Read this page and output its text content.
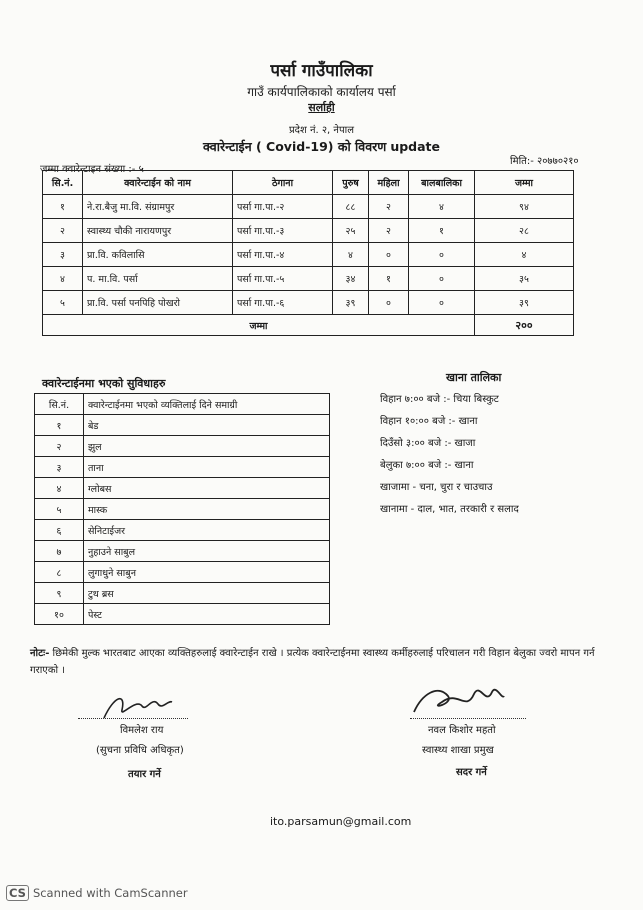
पर्सा गाउँपालिका
गाउँ कार्यपालिकाको कार्यालय पर्सा
सर्लाही
प्रदेश नं. २, नेपाल
क्वारेन्टाईन ( Covid-19) को विवरण update
जम्मा क्वारेन्टाइन संख्या :- ५
मिति:- २०७७०२१०
सि.नं.	क्वारेन्टाईन को नाम	ठेगाना	पुरुष	महिला	बालबालिका	जम्मा
१	ने.रा.बैजु मा.वि. संग्रामपुर	पर्सा गा.पा.-२	८८	२	४	९४
२	स्वास्थ्य चौकी नारायणपुर	पर्सा गा.पा.-३	२५	२	१	२८
३	प्रा.वि. कविलासि	पर्सा गा.पा.-४	४	०	०	४
४	प. मा.वि. पर्सा	पर्सा गा.पा.-५	३४	१	०	३५
५	प्रा.वि. पर्सा पनपिहि पोखरो	पर्सा गा.पा.-६	३९	०	०	३९
जम्मा						२००
क्वारेन्टाईनमा भएको सुविधाहरु
सि.नं.	क्वारेन्टाईनमा भएको व्यक्तिलाई दिने समाग्री
१	बेड
२	झुल
३	ताना
४	ग्लोबस
५	मास्क
६	सेनिटाईजर
७	नुहाउने साबुल
८	लुगाधुने साबुन
९	टुथ ब्रस
१०	पेस्ट
खाना तालिका
विहान ७:०० बजे :- चिया बिस्कुट
विहान १०:०० बजे :- खाना
दिउँसो ३:०० बजे :- खाजा
बेलुका ७:०० बजे :- खाना
खाजामा - चना, चुरा र चाउचाउ
खानामा - दाल, भात, तरकारी र सलाद
नोटः- छिमेकी मुल्क भारतबाट आएका व्यक्तिहरुलाई क्वारेन्टाईन राखे । प्रत्येक क्वारेन्टाईनमा स्वास्थ्य कर्मीहरुलाई परिचालन गरी विहान बेलुका ज्वरो मापन गर्न गराएको ।
विमलेश राय
(सुचना प्रविधि अधिकृत)
तयार गर्ने
नवल किशोर महतो
स्वास्थ्य शाखा प्रमुख
सदर गर्ने
ito.parsamun@gmail.com
CS Scanned with CamScanner
